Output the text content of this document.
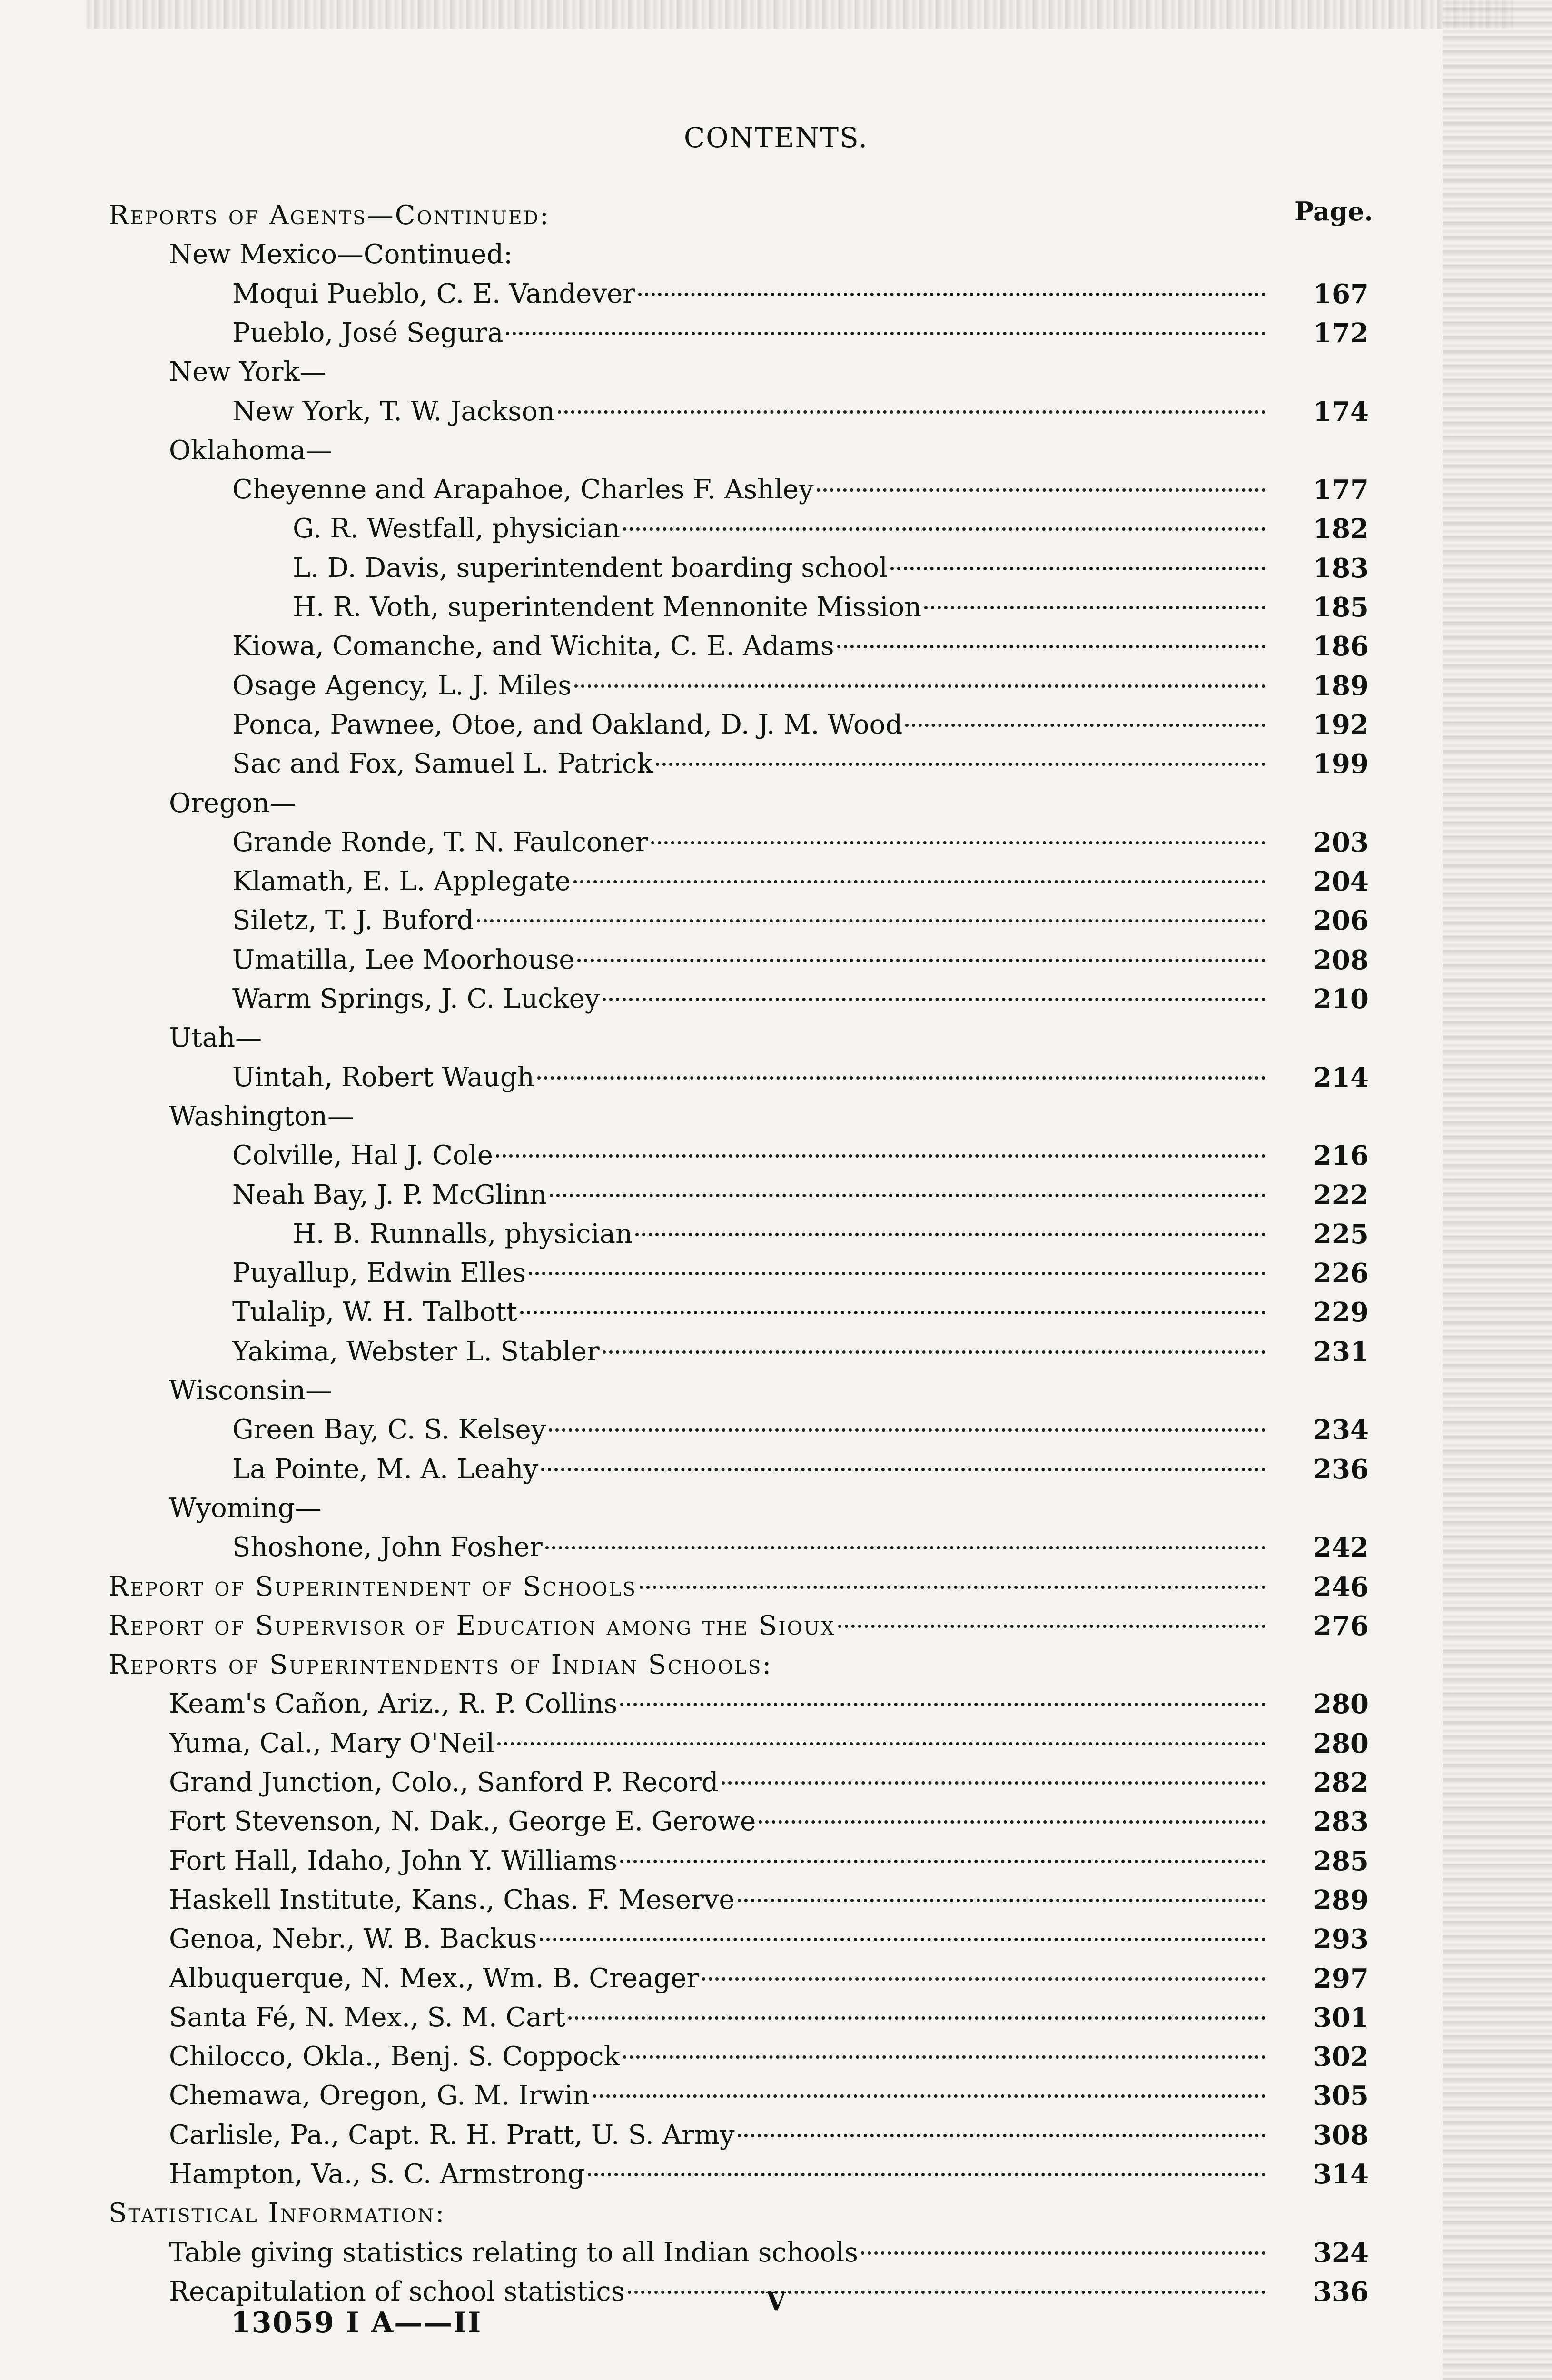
CONTENTS.
Page.
Reports of Agents—Continued:
New Mexico—Continued:
Moqui Pueblo, C. E. Vandever	167
Pueblo, José Segura	172
New York—
New York, T. W. Jackson	174
Oklahoma—
Cheyenne and Arapahoe, Charles F. Ashley	177
G. R. Westfall, physician	182
L. D. Davis, superintendent boarding school	183
H. R. Voth, superintendent Mennonite Mission	185
Kiowa, Comanche, and Wichita, C. E. Adams	186
Osage Agency, L. J. Miles	189
Ponca, Pawnee, Otoe, and Oakland, D. J. M. Wood	192
Sac and Fox, Samuel L. Patrick	199
Oregon—
Grande Ronde, T. N. Faulconer	203
Klamath, E. L. Applegate	204
Siletz, T. J. Buford	206
Umatilla, Lee Moorhouse	208
Warm Springs, J. C. Luckey	210
Utah—
Uintah, Robert Waugh	214
Washington—
Colville, Hal J. Cole	216
Neah Bay, J. P. McGlinn	222
H. B. Runnalls, physician	225
Puyallup, Edwin Elles	226
Tulalip, W. H. Talbott	229
Yakima, Webster L. Stabler	231
Wisconsin—
Green Bay, C. S. Kelsey	234
La Pointe, M. A. Leahy	236
Wyoming—
Shoshone, John Fosher	242
Report of Superintendent of Schools	246
Report of Supervisor of Education among the Sioux	276
Reports of Superintendents of Indian Schools:
Keam's Cañon, Ariz., R. P. Collins	280
Yuma, Cal., Mary O'Neil	280
Grand Junction, Colo., Sanford P. Record	282
Fort Stevenson, N. Dak., George E. Gerowe	283
Fort Hall, Idaho, John Y. Williams	285
Haskell Institute, Kans., Chas. F. Meserve	289
Genoa, Nebr., W. B. Backus	293
Albuquerque, N. Mex., Wm. B. Creager	297
Santa Fé, N. Mex., S. M. Cart	301
Chilocco, Okla., Benj. S. Coppock	302
Chemawa, Oregon, G. M. Irwin	305
Carlisle, Pa., Capt. R. H. Pratt, U. S. Army	308
Hampton, Va., S. C. Armstrong	314
Statistical Information:
Table giving statistics relating to all Indian schools	324
Recapitulation of school statistics	336
V
13059 I A——II
